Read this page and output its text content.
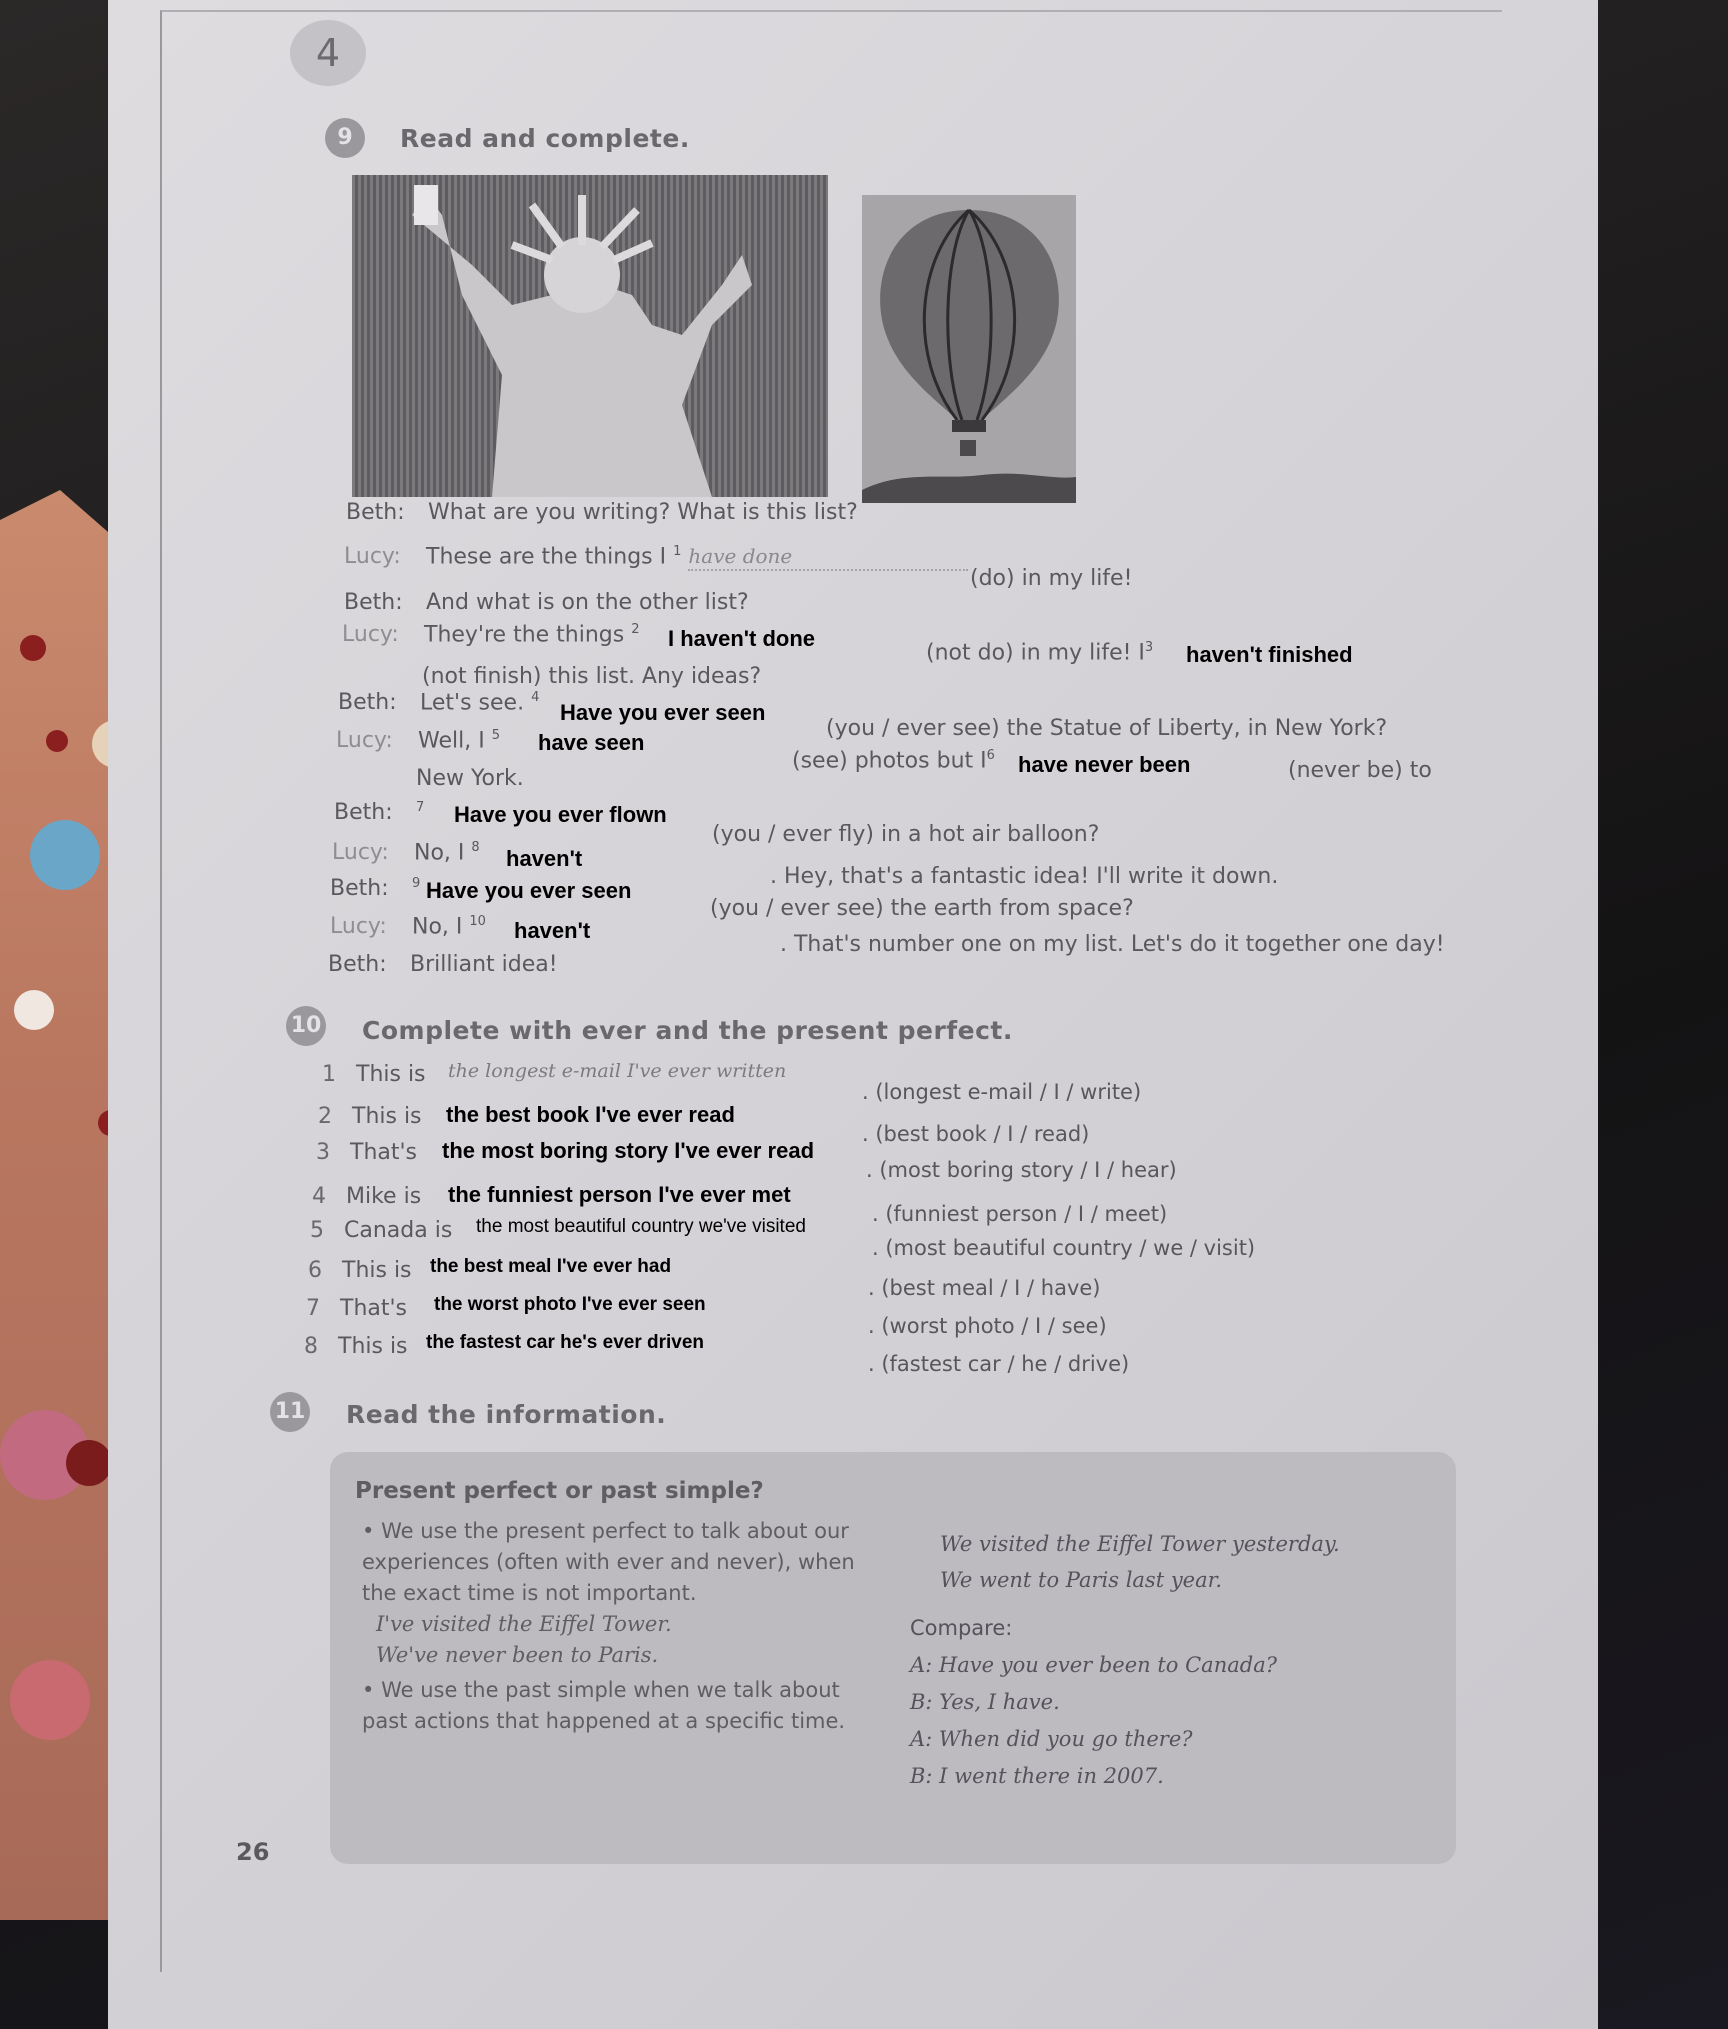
4
9	Read and complete.
Beth: What are you writing? What is this list?
Lucy: These are the things I $^1$ have done
(do) in my life!
Beth: And what is on the other list?
Lucy: They're the things $^2$ I haven't done
(not do) in my life! $I^3$ haven't finished
(not finish) this list. Any ideas?
Beth: Let's see. $^4$
Have you ever seen
(you / ever see) the Statue of Liberty, in New York?
Lucy: Well, I $^5$ have seen
(see) photos but $I^6$ have never been	(never be) to
New York.
Beth: $^7$ Have you ever flown
(you / ever fly) in a hot air balloon?
Lucy: No, I $^8$ haven't
. Hey, that's a fantastic idea! I'll write it down.
Beth: $^9$ Have you ever seen
(you / ever see) the earth from space?
Lucy: No, I $^{10}$ haven't
. That's number one on my list. Let's do it together one day!
Beth: Brilliant idea!
10 Complete with ever and the present perfect.
1 This is the longest e-mail I've ever written
. (longest e-mail / I / write)
2 This is the best book I've ever read
. (best book / I / read)
3 That's the most boring story I've ever read
. (most boring story / I / hear)
4 Mike is the funniest person I've ever met
. (funniest person / I / meet)
5 Canada is the most beautiful country we've visited
. (most beautiful country / we / visit)
6 This is the best meal I've ever had
. (best meal / I / have)
7 That's the worst photo I've ever seen
. (worst photo / I / see)
8 This is the fastest car he's ever driven
. (fastest car / he / drive)
11 Read the information.
Present perfect or past simple?
• We use the present perfect to talk about our experiences (often with ever and never), when the exact time is not important.
I've visited the Eiffel Tower.
We've never been to Paris.
• We use the past simple when we talk about past actions that happened at a specific time.
We visited the Eiffel Tower yesterday.
We went to Paris last year.
Compare:
A: Have you ever been to Canada?
B: Yes, I have.
A: When did you go there?
B: I went there in 2007.
26
